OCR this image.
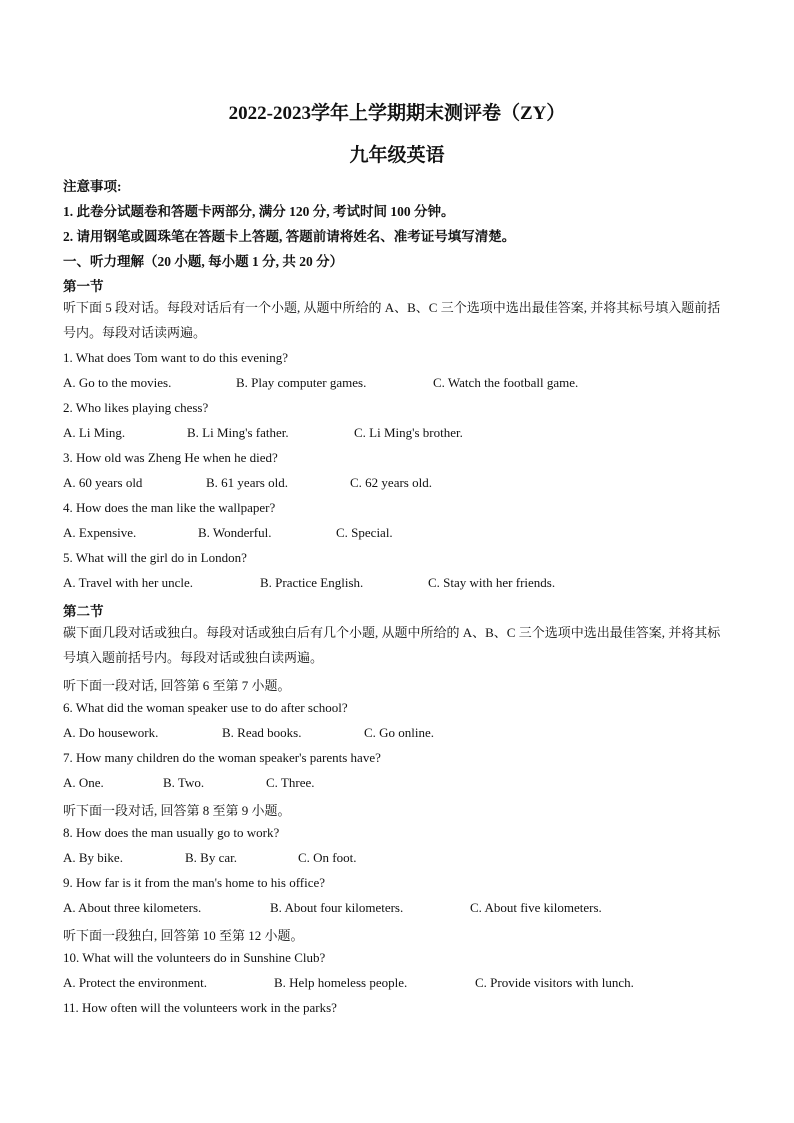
2022-2023学年上学期期末测评卷（ZY）
九年级英语
注意事项:
1. 此卷分试题卷和答题卡两部分, 满分 120 分, 考试时间 100 分钟。
2. 请用钢笔或圆珠笔在答题卡上答题, 答题前请将姓名、准考证号填写清楚。
一、听力理解（20 小题, 每小题 1 分, 共 20 分）
第一节
听下面 5 段对话。每段对话后有一个小题, 从题中所给的 A、B、C 三个选项中选出最佳答案, 并将其标号填入题前括号内。每段对话读两遍。
1. What does Tom want to do this evening?
A. Go to the movies.	B. Play computer games.	C. Watch the football game.
2. Who likes playing chess?
A. Li Ming.	B. Li Ming's father.	C. Li Ming's brother.
3. How old was Zheng He when he died?
A. 60 years old	B. 61 years old.	C. 62 years old.
4. How does the man like the wallpaper?
A. Expensive.	B. Wonderful.	C. Special.
5. What will the girl do in London?
A. Travel with her uncle.	B. Practice English.	C. Stay with her friends.
第二节
碳下面几段对话或独白。每段对话或独白后有几个小题, 从题中所给的 A、B、C 三个选项中选出最佳答案, 并将其标号填入题前括号内。每段对话或独白读两遍。
听下面一段对话, 回答第 6 至第 7 小题。
6. What did the woman speaker use to do after school?
A. Do housework.	B. Read books.	C. Go online.
7. How many children do the woman speaker's parents have?
A. One.	B. Two.	C. Three.
听下面一段对话, 回答第 8 至第 9 小题。
8. How does the man usually go to work?
A. By bike.	B. By car.	C. On foot.
9. How far is it from the man's home to his office?
A. About three kilometers.	B. About four kilometers.	C. About five kilometers.
听下面一段独白, 回答第 10 至第 12 小题。
10. What will the volunteers do in Sunshine Club?
A. Protect the environment.	B. Help homeless people.	C. Provide visitors with lunch.
11. How often will the volunteers work in the parks?
